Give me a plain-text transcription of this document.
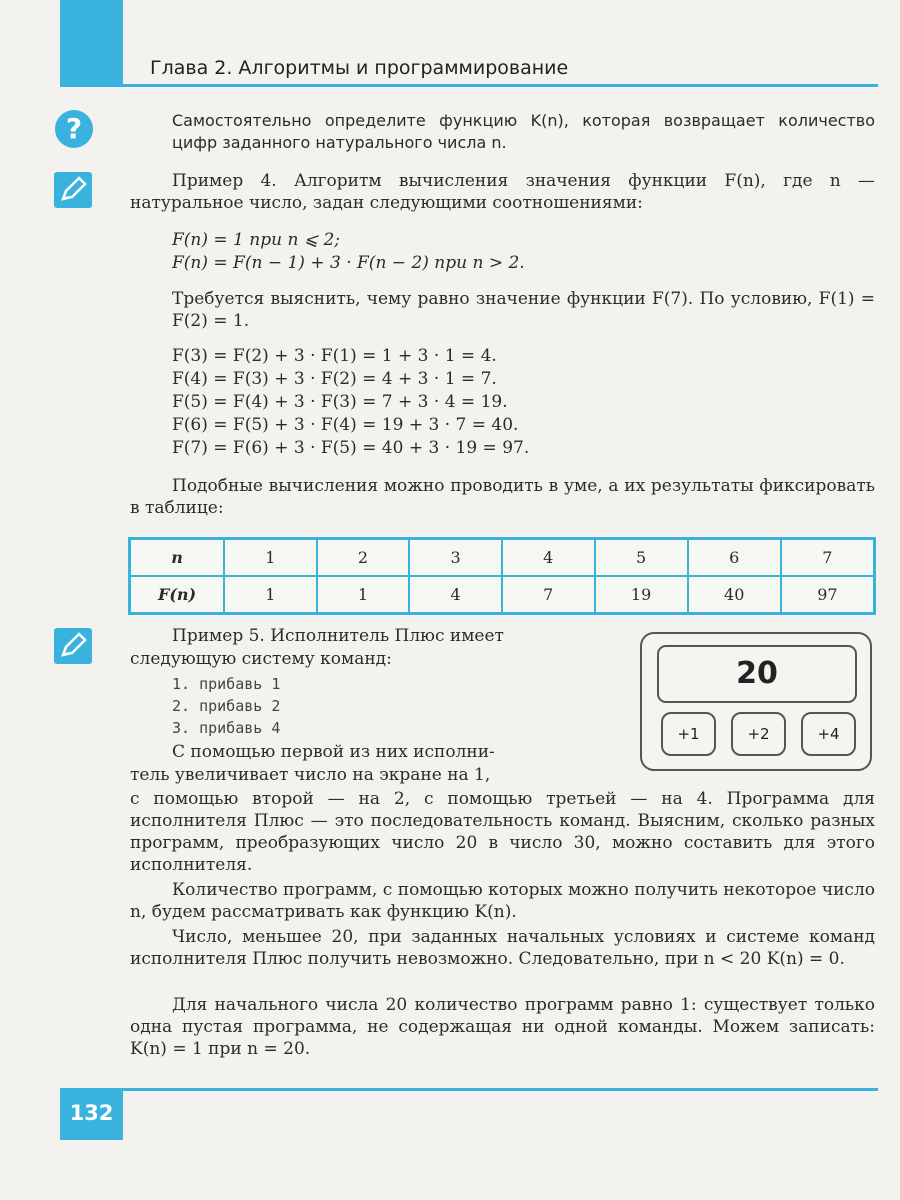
Глава 2. Алгоритмы и программирование
?	Самостоятельно определите функцию K(n), которая возвращает количество цифр заданного натурального числа n.
Пример 4. Алгоритм вычисления значения функции F(n), где n — натуральное число, задан следующими соотношениями:
F(n) = 1 при n ⩽ 2;
F(n) = F(n − 1) + 3 · F(n − 2) при n > 2.
Требуется выяснить, чему равно значение функции F(7). По условию, F(1) = F(2) = 1.
F(3) = F(2) + 3 · F(1) = 1 + 3 · 1 = 4.
F(4) = F(3) + 3 · F(2) = 4 + 3 · 1 = 7.
F(5) = F(4) + 3 · F(3) = 7 + 3 · 4 = 19.
F(6) = F(5) + 3 · F(4) = 19 + 3 · 7 = 40.
F(7) = F(6) + 3 · F(5) = 40 + 3 · 19 = 97.
Подобные вычисления можно проводить в уме, а их результаты фиксировать в таблице:
n	1	2	3	4	5	6	7
F(n)	1	1	4	7	19	40	97
Пример 5. Исполнитель Плюс имеет
следующую систему команд:
1. прибавь 1
2. прибавь 2
3. прибавь 4
С помощью первой из них исполни-
тель увеличивает число на экране на 1,
с помощью второй — на 2, с помощью третьей — на 4. Программа для исполнителя Плюс — это последовательность команд. Выясним, сколько разных программ, преобразующих число 20 в число 30, можно составить для этого исполнителя.
Количество программ, с помощью которых можно получить некоторое число n, будем рассматривать как функцию K(n).
Число, меньшее 20, при заданных начальных условиях и системе команд исполнителя Плюс получить невозможно. Следовательно, при n < 20 K(n) = 0.
Для начального числа 20 количество программ равно 1: существует только одна пустая программа, не содержащая ни одной команды. Можем записать: K(n) = 1 при n = 20.
20
+1	+2	+4
132
